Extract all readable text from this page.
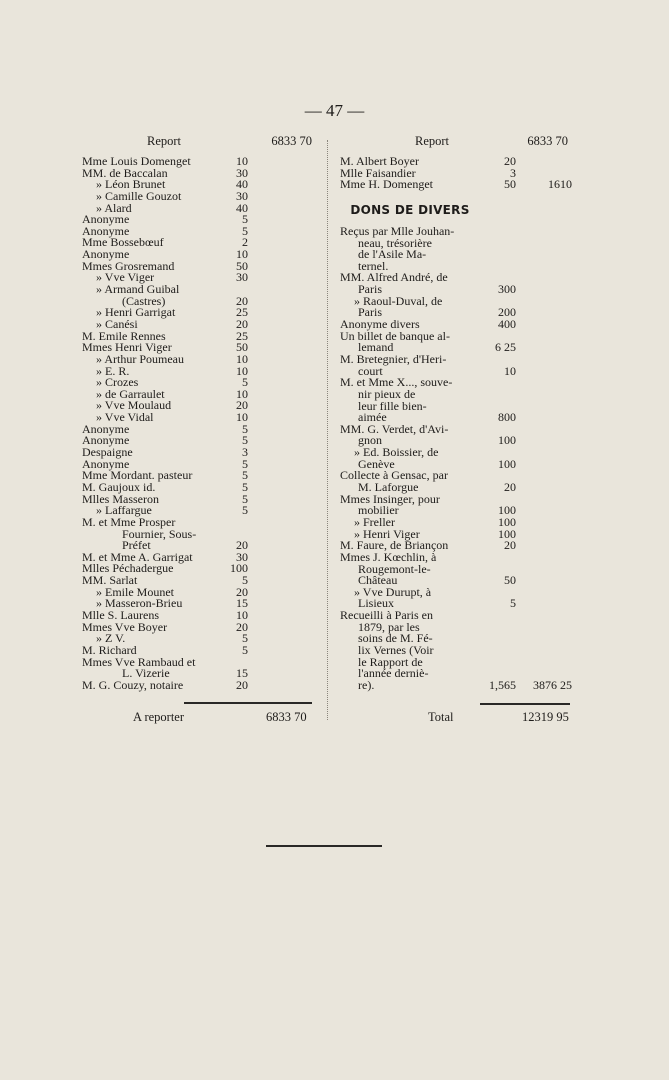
— 47 —
Report	6833 70
Mme Louis Domenget	10
MM. de Baccalan	30
» Léon Brunet	40
» Camille Gouzot	30
» Alard	40
Anonyme	5
Anonyme	5
Mme Bossebœuf	2
Anonyme	10
Mmes Grosremand	50
» Vve Viger	30
» Armand Guibal
(Castres)	20
» Henri Garrigat	25
» Canési	20
M. Emile Rennes	25
Mmes Henri Viger	50
» Arthur Poumeau	10
» E. R.	10
» Crozes	5
» de Garraulet	10
» Vve Moulaud	20
» Vve Vidal	10
Anonyme	5
Anonyme	5
Despaigne	3
Anonyme	5
Mme Mordant. pasteur	5
M. Gaujoux id.	5
Mlles Masseron	5
» Laffargue	5
M. et Mme Prosper
Fournier, Sous-
Préfet	20
M. et Mme A. Garrigat	30
Mlles Péchadergue	100
MM. Sarlat	5
» Emile Mounet	20
» Masseron-Brieu	15
Mlle S. Laurens	10
Mmes Vve Boyer	20
» Z V.	5
M. Richard	5
Mmes Vve Rambaud et
L. Vizerie	15
M. G. Couzy, notaire	20
Report	6833 70
M. Albert Boyer	20
Mlle Faisandier	3
Mme H. Domenget	50	1610
DONS DE DIVERS
Reçus par Mlle Jouhan-
neau, trésorière
de l'Asile Ma-
ternel.
MM. Alfred André, de
Paris	300
» Raoul-Duval, de
Paris	200
Anonyme divers	400
Un billet de banque al-
lemand	6 25
M. Bretegnier, d'Heri-
court	10
M. et Mme X..., souve-
nir pieux de
leur fille bien-
aimée	800
MM. G. Verdet, d'Avi-
gnon	100
» Ed. Boissier, de
Genève	100
Collecte à Gensac, par
M. Laforgue	20
Mmes Insinger, pour
mobilier	100
» Freller	100
» Henri Viger	100
M. Faure, de Briançon	20
Mmes J. Kœchlin, à
Rougemont-le-
Château	50
» Vve Durupt, à
Lisieux	5
Recueilli à Paris en
1879, par les
soins de M. Fé-
lix Vernes (Voir
le Rapport de
l'année derniè-
re).	1,565 3876 25
A reporter	6833 70	Total	12319 95
